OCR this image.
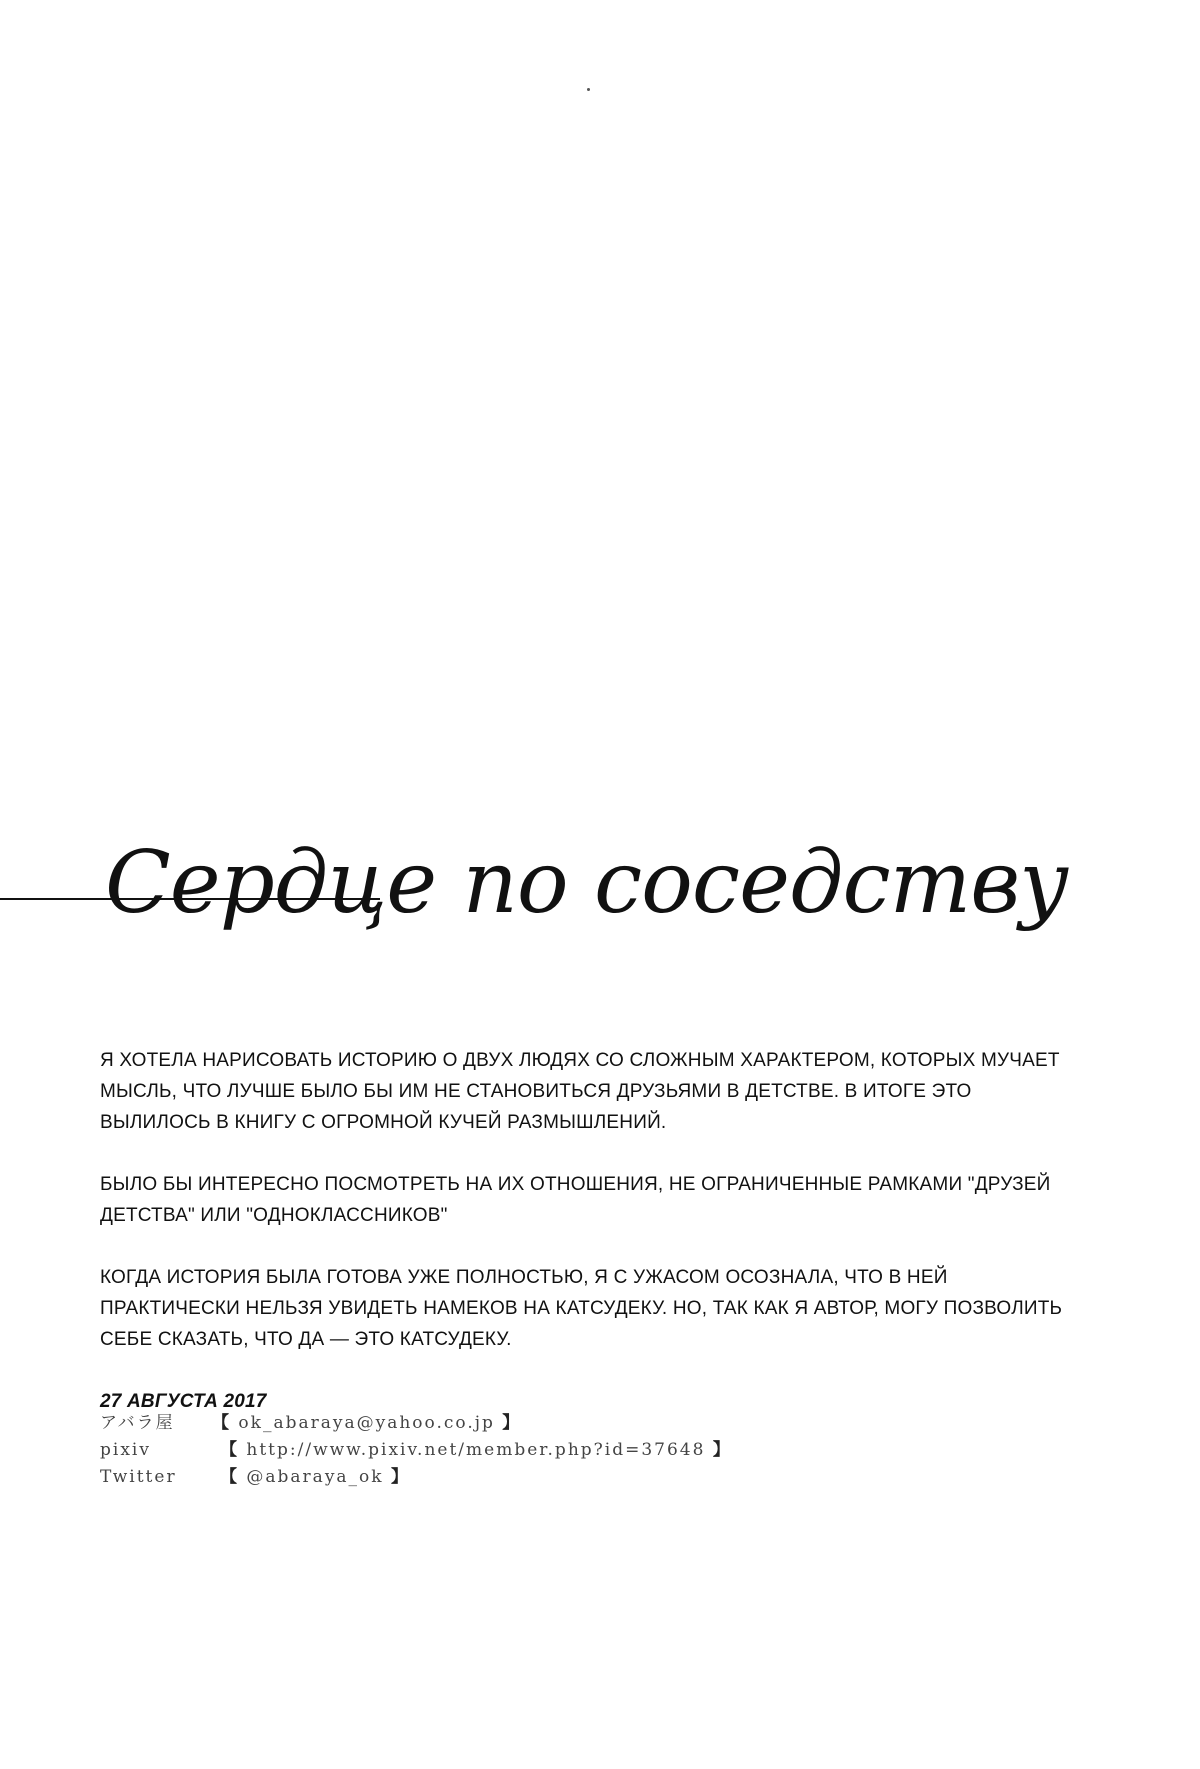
Сердце по соседству

Я ХОТЕЛА НАРИСОВАТЬ ИСТОРИЮ О ДВУХ ЛЮДЯХ СО СЛОЖНЫМ ХАРАКТЕРОМ, КОТОРЫХ МУЧАЕТ МЫСЛЬ, ЧТО ЛУЧШЕ БЫЛО БЫ ИМ НЕ СТАНОВИТЬСЯ ДРУЗЬЯМИ В ДЕТСТВЕ. В ИТОГЕ ЭТО ВЫЛИЛОСЬ В КНИГУ С ОГРОМНОЙ КУЧЕЙ РАЗМЫШЛЕНИЙ.

БЫЛО БЫ ИНТЕРЕСНО ПОСМОТРЕТЬ НА ИХ ОТНОШЕНИЯ, НЕ ОГРАНИЧЕННЫЕ РАМКАМИ "ДРУЗЕЙ ДЕТСТВА" ИЛИ "ОДНОКЛАССНИКОВ"

КОГДА ИСТОРИЯ БЫЛА ГОТОВА УЖЕ ПОЛНОСТЬЮ, Я С УЖАСОМ ОСОЗНАЛА, ЧТО В НЕЙ ПРАКТИЧЕСКИ НЕЛЬЗЯ УВИДЕТЬ НАМЕКОВ НА КАТСУДЕКУ. НО, ТАК КАК Я АВТОР, МОГУ ПОЗВОЛИТЬ СЕБЕ СКАЗАТЬ, ЧТО ДА — ЭТО КАТСУДЕКУ.

27 АВГУСТА 2017

アバラ屋 【 ok_abaraya@yahoo.co.jp 】
pixiv	【 http://www.pixiv.net/member.php?id=37648 】
Twitter	【 @abaraya_ok 】
